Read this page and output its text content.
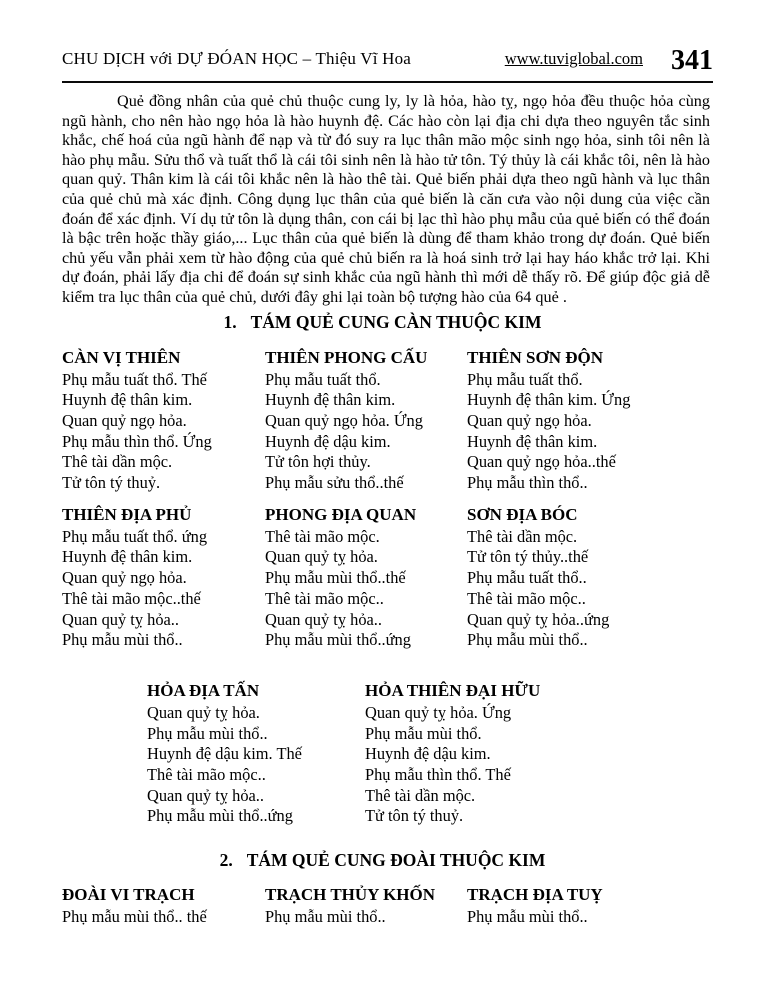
CHU DỊCH với DỰ ĐÓAN HỌC – Thiệu Vĩ Hoa	www.tuviglobal.com 341

Quẻ đồng nhân của quẻ chủ thuộc cung ly, ly là hỏa, hào tỵ, ngọ hỏa đều thuộc hỏa cùng ngũ hành, cho nên hào ngọ hỏa là hào huynh đệ. Các hào còn lại địa chi dựa theo nguyên tắc sinh khắc, chế hoá của ngũ hành để nạp và từ đó suy ra lục thân mão mộc sinh ngọ hỏa, sinh tôi nên là hào phụ mẫu. Sửu thổ và tuất thổ là cái tôi sinh nên là hào tử tôn. Tý thủy là cái khắc tôi, nên là hào quan quỷ. Thân kim là cái tôi khắc nên là hào thê tài. Quẻ biến phải dựa theo ngũ hành và lục thân của quẻ chủ mà xác định. Công dụng lục thân của quẻ biến là căn cưa vào nội dung của việc cần đoán để xác định. Ví dụ tử tôn là dụng thân, con cái bị lạc thì hào phụ mẫu của quẻ biến có thể đoán là bậc trên hoặc thầy giáo,... Lục thân của quẻ biến là dùng để tham khảo trong dự đoán. Quẻ biến chủ yếu vẫn phải xem từ hào động của quẻ chủ biến ra là hoá sinh trở lại hay háo khắc trở lại. Khi dự đoán, phải lấy địa chi để đoán sự sinh khắc của ngũ hành thì mới dễ thấy rõ. Để giúp độc giả dễ kiểm tra lục thân của quẻ chủ, dưới đây ghi lại toàn bộ tượng hào của 64 quẻ .

1. TÁM QUẺ CUNG CÀN THUỘC KIM
CÀN VỊ THIÊN
Phụ mẫu tuất thổ. Thế
Huynh đệ thân kim.
Quan quỷ ngọ hỏa.
Phụ mẫu thìn thổ. Ứng
Thê tài dần mộc.
Tử tôn tý thuỷ.
THIÊN PHONG CẤU
Phụ mẫu tuất thổ.
Huynh đệ thân kim.
Quan quỷ ngọ hỏa. Ứng
Huynh đệ dậu kim.
Tử tôn hợi thủy.
Phụ mẫu sửu thổ..thế
THIÊN SƠN ĐỘN
Phụ mẫu tuất thổ.
Huynh đệ thân kim. Ứng
Quan quỷ ngọ hỏa.
Huynh đệ thân kim.
Quan quỷ ngọ hỏa..thế
Phụ mẫu thìn thổ..
THIÊN ĐỊA PHỦ
Phụ mẫu tuất thổ. ứng
Huynh đệ thân kim.
Quan quỷ ngọ hỏa.
Thê tài mão mộc..thế
Quan quỷ tỵ hỏa..
Phụ mẫu mùi thổ..
PHONG ĐỊA QUAN
Thê tài mão mộc.
Quan quỷ tỵ hỏa.
Phụ mẫu mùi thổ..thế
Thê tài mão mộc..
Quan quỷ tỵ hỏa..
Phụ mẫu mùi thổ..ứng
SƠN ĐỊA BÓC
Thê tài dần mộc.
Tử tôn tý thủy..thế
Phụ mẫu tuất thổ..
Thê tài mão mộc..
Quan quỷ tỵ hỏa..ứng
Phụ mẫu mùi thổ..
HỎA ĐỊA TẤN
Quan quỷ tỵ hỏa.
Phụ mẫu mùi thổ..
Huynh đệ dậu kim. Thế
Thê tài mão mộc..
Quan quỷ tỵ hỏa..
Phụ mẫu mùi thổ..ứng
HỎA THIÊN ĐẠI HỮU
Quan quỷ tỵ hỏa. Ứng
Phụ mẫu mùi thổ.
Huynh đệ dậu kim.
Phụ mẫu thìn thổ. Thế
Thê tài dần mộc.
Tử tôn tý thuỷ.
2. TÁM QUẺ CUNG ĐOÀI THUỘC KIM
ĐOÀI VI TRẠCH
Phụ mẫu mùi thổ.. thế
TRẠCH THỦY KHỐN
Phụ mẫu mùi thổ..
TRẠCH ĐỊA TUỴ
Phụ mẫu mùi thổ..
